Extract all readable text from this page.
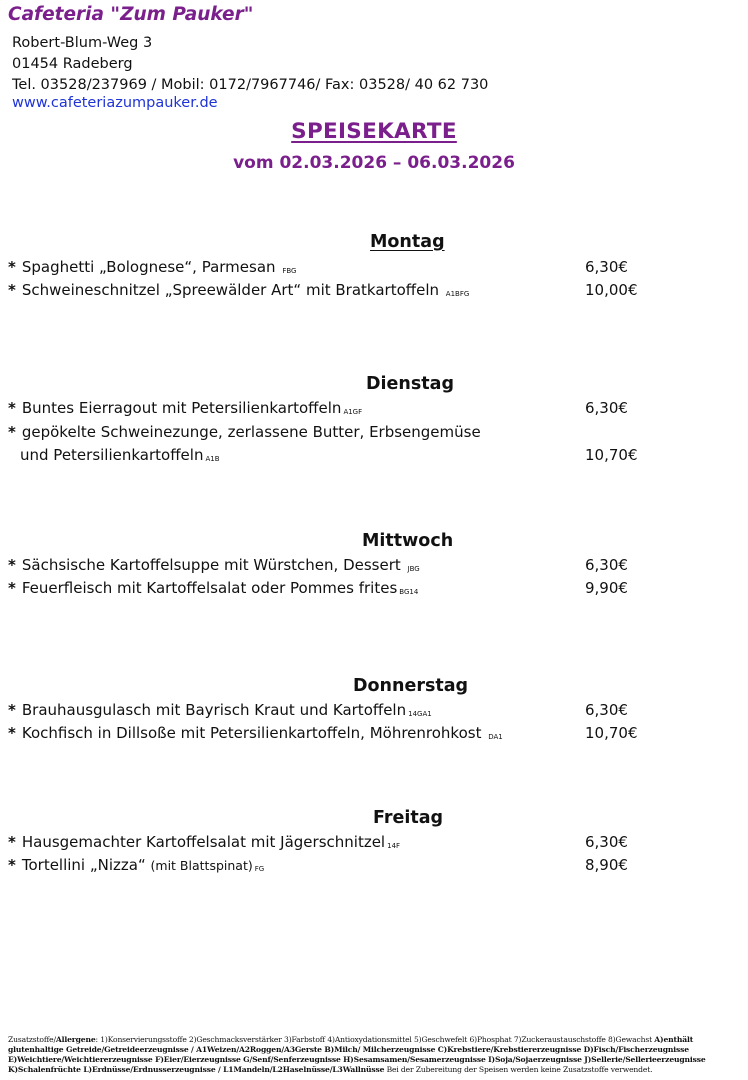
Cafeteria "Zum Pauker"
Robert-Blum-Weg 3
01454 Radeberg
Tel. 03528/237969 / Mobil: 0172/7967746/ Fax: 03528/ 40 62 730
www.cafeteriazumpauker.de
SPEISEKARTE
vom 02.03.2026 – 06.03.2026
Montag
* Spaghetti „Bolognese“, Parmesan FBG	6,30€
* Schweineschnitzel „Spreewälder Art“ mit Bratkartoffeln A1BFG	10,00€
Dienstag
* Buntes Eierragout mit Petersilienkartoffeln A1GF	6,30€
* gepökelte Schweinezunge, zerlassene Butter, Erbsengemüse
und Petersilienkartoffeln A1B	10,70€
Mittwoch
* Sächsische Kartoffelsuppe mit Würstchen, Dessert JBG	6,30€
* Feuerfleisch mit Kartoffelsalat oder Pommes frites BG14	9,90€
Donnerstag
* Brauhausgulasch mit Bayrisch Kraut und Kartoffeln 14GA1	6,30€
* Kochfisch in Dillsoße mit Petersilienkartoffeln, Möhrenrohkost DA1	10,70€
Freitag
* Hausgemachter Kartoffelsalat mit Jägerschnitzel 14F	6,30€
* Tortellini „Nizza“ (mit Blattspinat) FG	8,90€
Zusatzstoffe/Allergene: 1)Konservierungsstoffe 2)Geschmacksverstärker 3)Farbstoff 4)Antioxydationsmittel 5)Geschwefelt 6)Phosphat 7)Zuckeraustauschstoffe 8)Gewachst A)enthält glutenhaltige Getreide/Getreideerzeugnisse / A1Weizen/A2Roggen/A3Gerste B)Milch/ Milcherzeugnisse C)Krebstiere/Krebstiererzeugnisse D)Fisch/Fischerzeugnisse E)Weichtiere/Weichtiererzeugnisse F)Eier/Eierzeugnisse G/Senf/Senferzeugnisse H)Sesamsamen/Sesamerzeugnisse I)Soja/Sojaerzeugnisse J)Sellerie/Sellerieerzeugnisse K)Schalenfrüchte L)Erdnüsse/Erdnusserzeugnisse / L1Mandeln/L2Haselnüsse/L3Wallnüsse Bei der Zubereitung der Speisen werden keine Zusatzstoffe verwendet.
